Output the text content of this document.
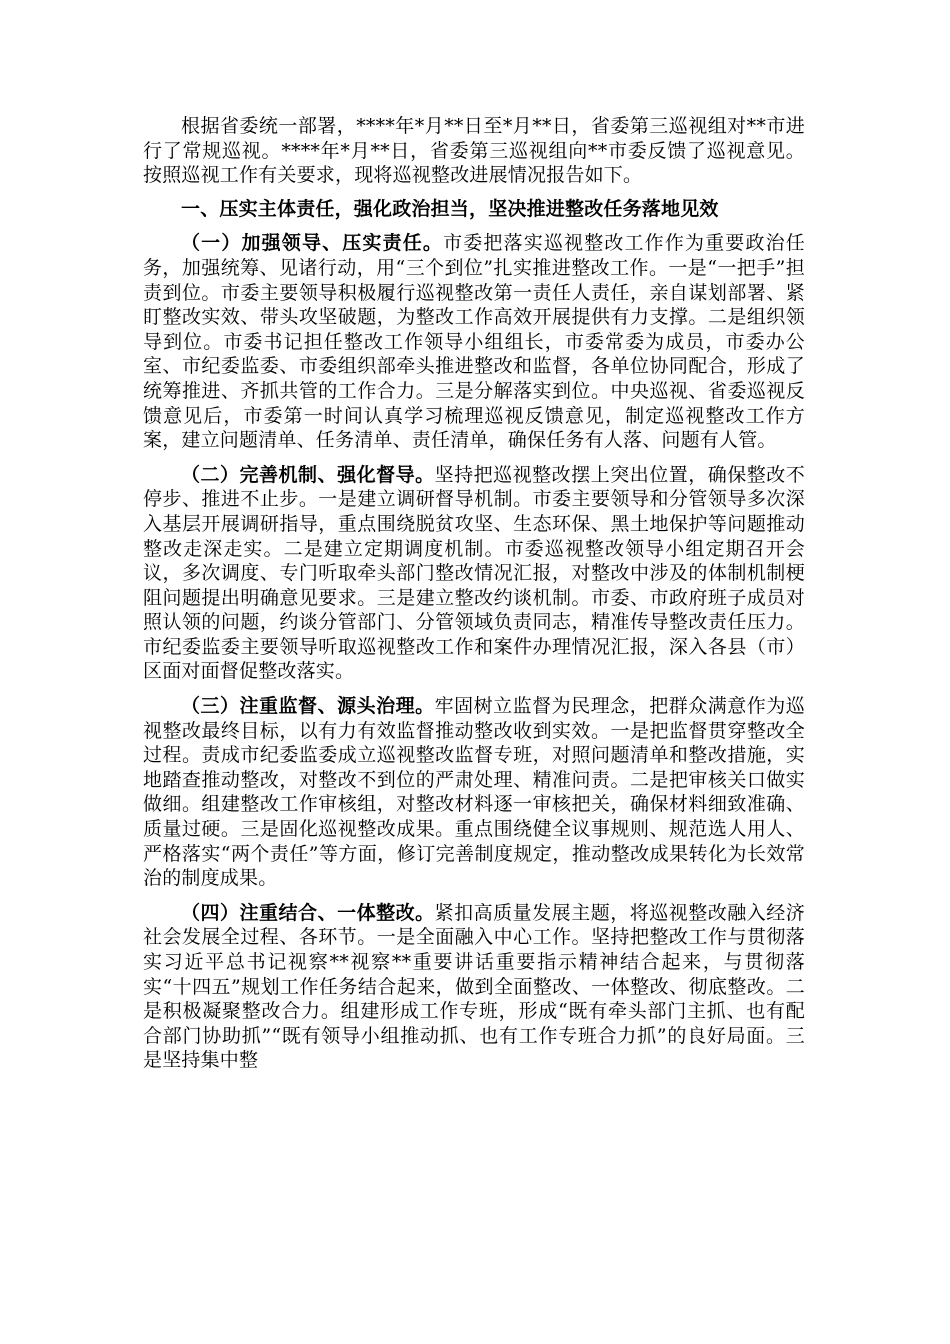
根据省委统一部署，****年*月**日至*月**日，省委第三巡视组对**市进行了常规巡视。****年*月**日，省委第三巡视组向**市委反馈了巡视意见。按照巡视工作有关要求，现将巡视整改进展情况报告如下。

一、压实主体责任，强化政治担当，坚决推进整改任务落地见效

（一）加强领导、压实责任。市委把落实巡视整改工作作为重要政治任务，加强统筹、见诸行动，用“三个到位”扎实推进整改工作。一是“一把手”担责到位。市委主要领导积极履行巡视整改第一责任人责任，亲自谋划部署、紧盯整改实效、带头攻坚破题，为整改工作高效开展提供有力支撑。二是组织领导到位。市委书记担任整改工作领导小组组长，市委常委为成员，市委办公室、市纪委监委、市委组织部牵头推进整改和监督，各单位协同配合，形成了统筹推进、齐抓共管的工作合力。三是分解落实到位。中央巡视、省委巡视反馈意见后，市委第一时间认真学习梳理巡视反馈意见，制定巡视整改工作方案，建立问题清单、任务清单、责任清单，确保任务有人落、问题有人管。

（二）完善机制、强化督导。坚持把巡视整改摆上突出位置，确保整改不停步、推进不止步。一是建立调研督导机制。市委主要领导和分管领导多次深入基层开展调研指导，重点围绕脱贫攻坚、生态环保、黑土地保护等问题推动整改走深走实。二是建立定期调度机制。市委巡视整改领导小组定期召开会议，多次调度、专门听取牵头部门整改情况汇报，对整改中涉及的体制机制梗阻问题提出明确意见要求。三是建立整改约谈机制。市委、市政府班子成员对照认领的问题，约谈分管部门、分管领域负责同志，精准传导整改责任压力。市纪委监委主要领导听取巡视整改工作和案件办理情况汇报，深入各县（市）区面对面督促整改落实。

（三）注重监督、源头治理。牢固树立监督为民理念，把群众满意作为巡视整改最终目标，以有力有效监督推动整改收到实效。一是把监督贯穿整改全过程。责成市纪委监委成立巡视整改监督专班，对照问题清单和整改措施，实地踏查推动整改，对整改不到位的严肃处理、精准问责。二是把审核关口做实做细。组建整改工作审核组，对整改材料逐一审核把关，确保材料细致准确、质量过硬。三是固化巡视整改成果。重点围绕健全议事规则、规范选人用人、严格落实“两个责任”等方面，修订完善制度规定，推动整改成果转化为长效常治的制度成果。

（四）注重结合、一体整改。紧扣高质量发展主题，将巡视整改融入经济社会发展全过程、各环节。一是全面融入中心工作。坚持把整改工作与贯彻落实习近平总书记视察**视察**重要讲话重要指示精神结合起来，与贯彻落实“十四五”规划工作任务结合起来，做到全面整改、一体整改、彻底整改。二是积极凝聚整改合力。组建形成工作专班，形成“既有牵头部门主抓、也有配合部门协助抓”“既有领导小组推动抓、也有工作专班合力抓”的良好局面。三是坚持集中整
